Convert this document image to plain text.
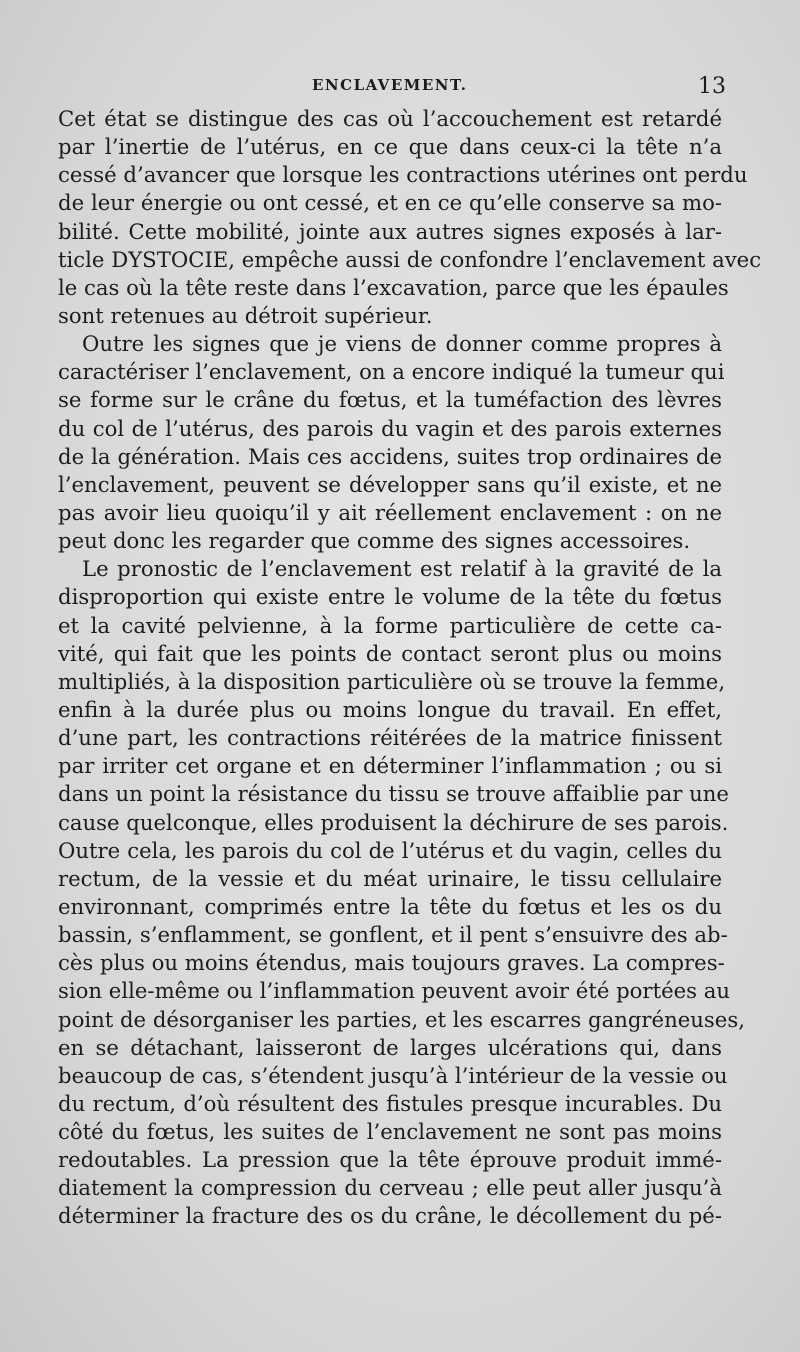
ENCLAVEMENT.	13
Cet état se distingue des cas où l’accouchement est retardé
par l’inertie de l’utérus, en ce que dans ceux-ci la tête n’a
cessé d’avancer que lorsque les contractions utérines ont perdu
de leur énergie ou ont cessé, et en ce qu’elle conserve sa mo-
bilité. Cette mobilité, jointe aux autres signes exposés à lar-
ticle DYSTOCIE, empêche aussi de confondre l’enclavement avec
le cas où la tête reste dans l’excavation, parce que les épaules
sont retenues au détroit supérieur.
Outre les signes que je viens de donner comme propres à
caractériser l’enclavement, on a encore indiqué la tumeur qui
se forme sur le crâne du fœtus, et la tuméfaction des lèvres
du col de l’utérus, des parois du vagin et des parois externes
de la génération. Mais ces accidens, suites trop ordinaires de
l’enclavement, peuvent se développer sans qu’il existe, et ne
pas avoir lieu quoiqu’il y ait réellement enclavement : on ne
peut donc les regarder que comme des signes accessoires.
Le pronostic de l’enclavement est relatif à la gravité de la
disproportion qui existe entre le volume de la tête du fœtus
et la cavité pelvienne, à la forme particulière de cette ca-
vité, qui fait que les points de contact seront plus ou moins
multipliés, à la disposition particulière où se trouve la femme,
enfin à la durée plus ou moins longue du travail. En effet,
d’une part, les contractions réitérées de la matrice finissent
par irriter cet organe et en déterminer l’inflammation ; ou si
dans un point la résistance du tissu se trouve affaiblie par une
cause quelconque, elles produisent la déchirure de ses parois.
Outre cela, les parois du col de l’utérus et du vagin, celles du
rectum, de la vessie et du méat urinaire, le tissu cellulaire
environnant, comprimés entre la tête du fœtus et les os du
bassin, s’enflamment, se gonflent, et il pent s’ensuivre des ab-
cès plus ou moins étendus, mais toujours graves. La compres-
sion elle-même ou l’inflammation peuvent avoir été portées au
point de désorganiser les parties, et les escarres gangréneuses,
en se détachant, laisseront de larges ulcérations qui, dans
beaucoup de cas, s’étendent jusqu’à l’intérieur de la vessie ou
du rectum, d’où résultent des fistules presque incurables. Du
côté du fœtus, les suites de l’enclavement ne sont pas moins
redoutables. La pression que la tête éprouve produit immé-
diatement la compression du cerveau ; elle peut aller jusqu’à
déterminer la fracture des os du crâne, le décollement du pé-
